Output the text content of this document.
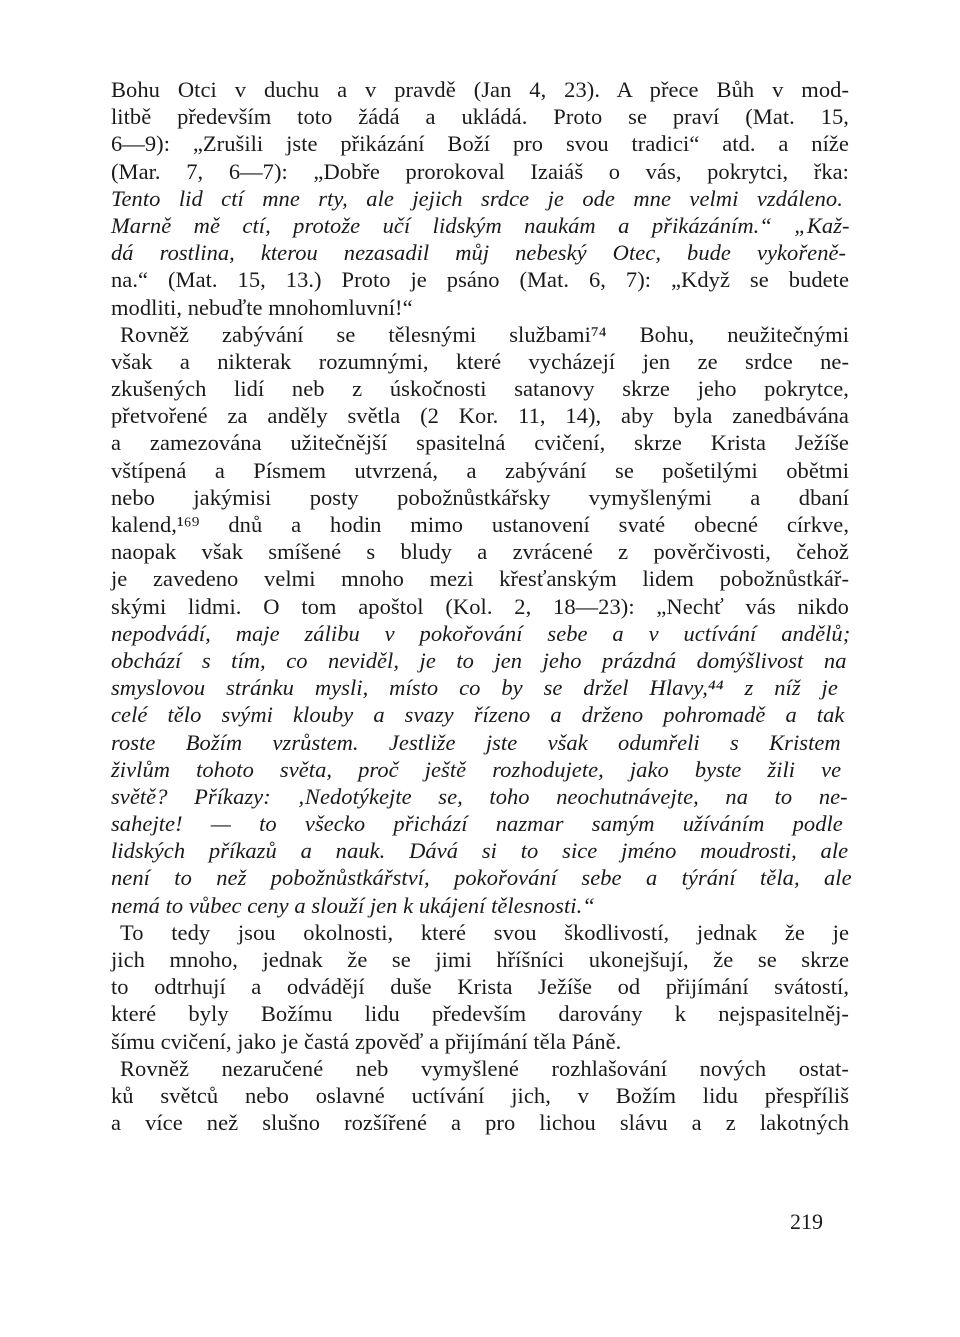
Bohu Otci v duchu a v pravdě (Jan 4, 23). A přece Bůh v mod-
litbě především toto žádá a ukládá. Proto se praví (Mat. 15,
6—9): „Zrušili jste přikázání Boží pro svou tradici“ atd. a níže
(Mar. 7, 6—7): „Dobře prorokoval Izaiáš o vás, pokrytci, řka:
Tento lid ctí mne rty, ale jejich srdce je ode mne velmi vzdáleno.
Marně mě ctí, protože učí lidským naukám a přikázáním.“ „Kaž-
dá rostlina, kterou nezasadil můj nebeský Otec, bude vykořeně-
na.“ (Mat. 15, 13.) Proto je psáno (Mat. 6, 7): „Když se budete
modliti, nebuďte mnohomluvní!“
Rovněž zabývání se tělesnými službami⁷⁴ Bohu, neužitečnými
však a nikterak rozumnými, které vycházejí jen ze srdce ne-
zkušených lidí neb z úskočnosti satanovy skrze jeho pokrytce,
přetvořené za anděly světla (2 Kor. 11, 14), aby byla zanedbávána
a zamezována užitečnější spasitelná cvičení, skrze Krista Ježíše
vštípená a Písmem utvrzená, a zabývání se pošetilými obětmi
nebo jakýmisi posty pobožnůstkářsky vymyšlenými a dbaní
kalend,¹⁶⁹ dnů a hodin mimo ustanovení svaté obecné církve,
naopak však smíšené s bludy a zvrácené z pověrčivosti, čehož
je zavedeno velmi mnoho mezi křesťanským lidem pobožnůstkář-
skými lidmi. O tom apoštol (Kol. 2, 18—23): „Nechť vás nikdo
nepodvádí, maje zálibu v pokořování sebe a v uctívání andělů;
obchází s tím, co neviděl, je to jen jeho prázdná domýšlivost na
smyslovou stránku mysli, místo co by se držel Hlavy,⁴⁴ z níž je
celé tělo svými klouby a svazy řízeno a drženo pohromadě a tak
roste Božím vzrůstem. Jestliže jste však odumřeli s Kristem
živlům tohoto světa, proč ještě rozhodujete, jako byste žili ve
světě? Příkazy: ‚Nedotýkejte se, toho neochutnávejte, na to ne-
sahejte! — to všecko přichází nazmar samým užíváním podle
lidských příkazů a nauk. Dává si to sice jméno moudrosti, ale
není to než pobožnůstkářství, pokořování sebe a týrání těla, ale
nemá to vůbec ceny a slouží jen k ukájení tělesnosti.“
To tedy jsou okolnosti, které svou škodlivostí, jednak že je
jich mnoho, jednak že se jimi hříšníci ukonejšují, že se skrze
to odtrhují a odvádějí duše Krista Ježíše od přijímání svátostí,
které byly Božímu lidu především darovány k nejspasitelněj-
šímu cvičení, jako je častá zpověď a přijímání těla Páně.
Rovněž nezaručené neb vymyšlené rozhlašování nových ostat-
ků světců nebo oslavné uctívání jich, v Božím lidu přespříliš
a více než slušno rozšířené a pro lichou slávu a z lakotných
219
